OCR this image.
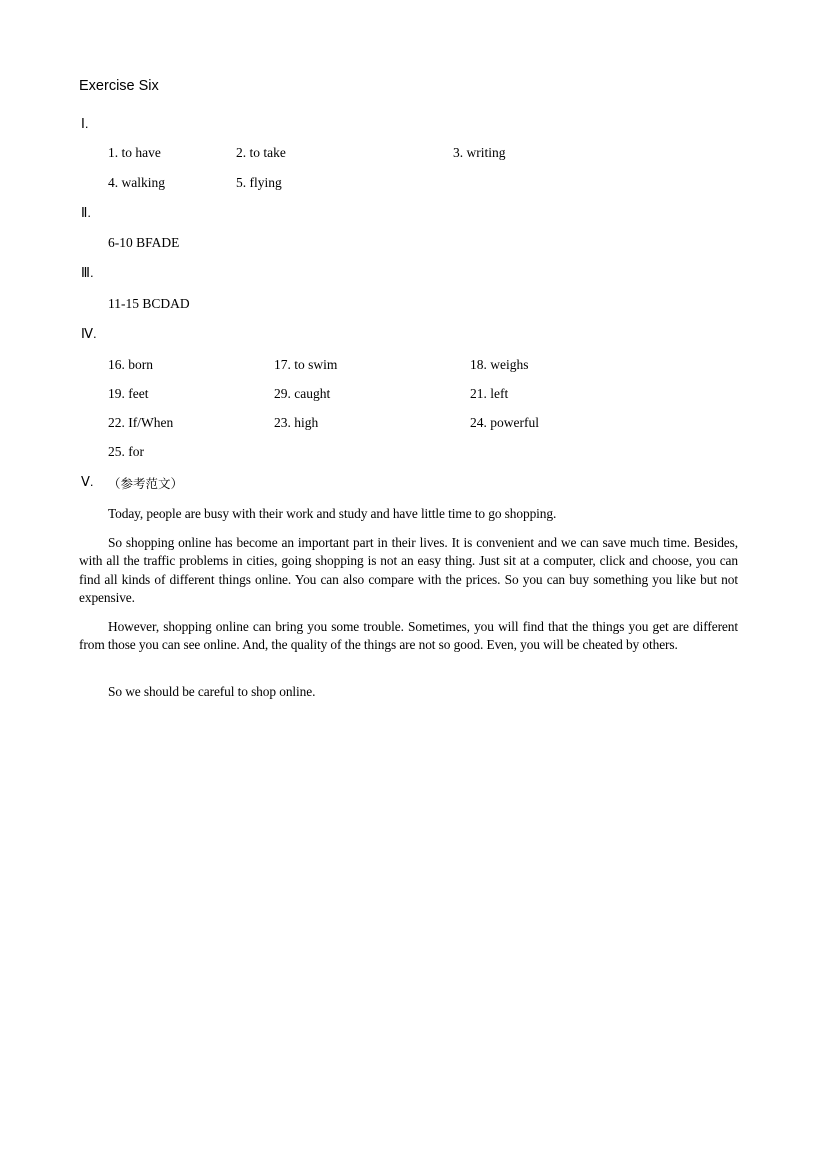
Exercise Six
Ⅰ.
1. to have	2. to take	3. writing
4. walking	5. flying
Ⅱ.
6-10 BFADE
Ⅲ.
11-15 BCDAD
Ⅳ.
16. born	17. to swim	18. weighs
19. feet	29. caught	21. left
22. If/When	23. high	24. powerful
25. for
Ⅴ. （参考范文）

Today, people are busy with their work and study and have little time to go shopping.

So shopping online has become an important part in their lives. It is convenient and we can save much time. Besides, with all the traffic problems in cities, going shopping is not an easy thing. Just sit at a computer, click and choose, you can find all kinds of different things online. You can also compare with the prices. So you can buy something you like but not expensive.

However, shopping online can bring you some trouble. Sometimes, you will find that the things you get are different from those you can see online. And, the quality of the things are not so good. Even, you will be cheated by others.

So we should be careful to shop online.
